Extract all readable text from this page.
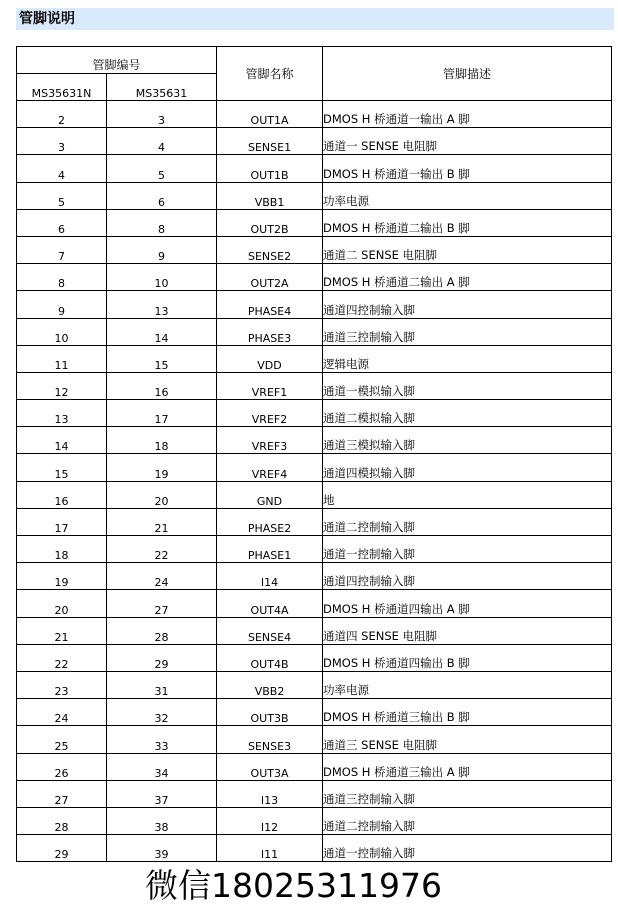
管脚说明
管脚编号		管脚名称	管脚描述
MS35631N	MS35631		
2	3	OUT1A	DMOS H 桥通道一输出 A 脚
3	4	SENSE1	通道一 SENSE 电阻脚
4	5	OUT1B	DMOS H 桥通道一输出 B 脚
5	6	VBB1	功率电源
6	8	OUT2B	DMOS H 桥通道二输出 B 脚
7	9	SENSE2	通道二 SENSE 电阻脚
8	10	OUT2A	DMOS H 桥通道二输出 A 脚
9	13	PHASE4	通道四控制输入脚
10	14	PHASE3	通道三控制输入脚
11	15	VDD	逻辑电源
12	16	VREF1	通道一模拟输入脚
13	17	VREF2	通道二模拟输入脚
14	18	VREF3	通道三模拟输入脚
15	19	VREF4	通道四模拟输入脚
16	20	GND	地
17	21	PHASE2	通道二控制输入脚
18	22	PHASE1	通道一控制输入脚
19	24	I14	通道四控制输入脚
20	27	OUT4A	DMOS H 桥通道四输出 A 脚
21	28	SENSE4	通道四 SENSE 电阻脚
22	29	OUT4B	DMOS H 桥通道四输出 B 脚
23	31	VBB2	功率电源
24	32	OUT3B	DMOS H 桥通道三输出 B 脚
25	33	SENSE3	通道三 SENSE 电阻脚
26	34	OUT3A	DMOS H 桥通道三输出 A 脚
27	37	I13	通道三控制输入脚
28	38	I12	通道二控制输入脚
29	39	I11	通道一控制输入脚
微信18025311976
